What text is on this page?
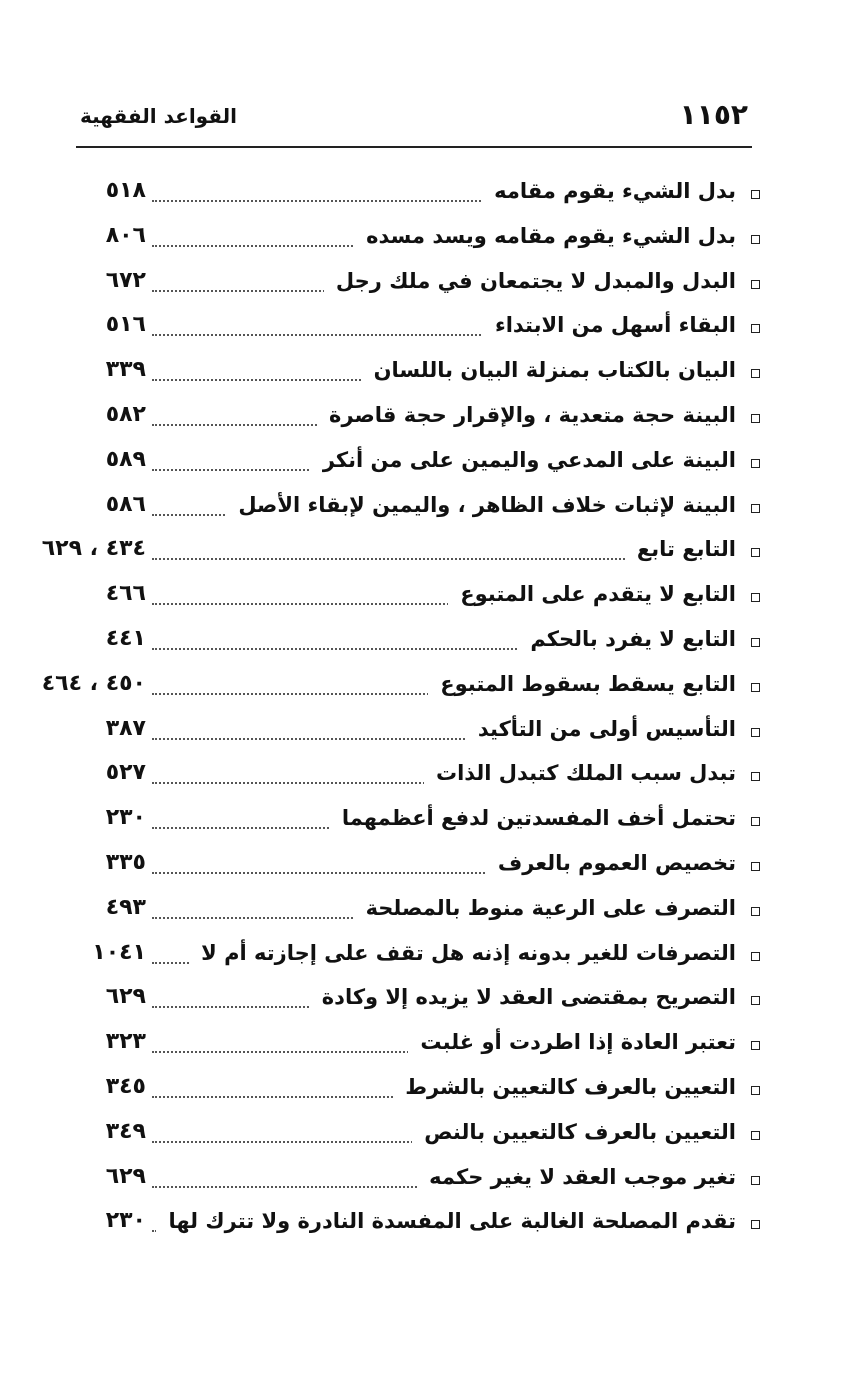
١١٥٢
القواعد الفقهية
بدل الشيء يقوم مقامه
٥١٨
بدل الشيء يقوم مقامه ويسد مسده
٨٠٦
البدل والمبدل لا يجتمعان في ملك رجل
٦٧٢
البقاء أسهل من الابتداء
٥١٦
البيان بالكتاب بمنزلة البيان باللسان
٣٣٩
البينة حجة متعدية ، والإقرار حجة قاصرة
٥٨٢
البينة على المدعي واليمين على من أنكر
٥٨٩
البينة لإثبات خلاف الظاهر ، واليمين لإبقاء الأصل
٥٨٦
التابع تابع
٤٣٤ ، ٦٢٩
التابع لا يتقدم على المتبوع
٤٦٦
التابع لا يفرد بالحكم
٤٤١
التابع يسقط بسقوط المتبوع
٤٥٠ ، ٤٦٤
التأسيس أولى من التأكيد
٣٨٧
تبدل سبب الملك كتبدل الذات
٥٢٧
تحتمل أخف المفسدتين لدفع أعظمهما
٢٣٠
تخصيص العموم بالعرف
٣٣٥
التصرف على الرعية منوط بالمصلحة
٤٩٣
التصرفات للغير بدونه إذنه هل تقف على إجازته أم لا
١٠٤١
التصريح بمقتضى العقد لا يزيده إلا وكادة
٦٢٩
تعتبر العادة إذا اطردت أو غلبت
٣٢٣
التعيين بالعرف كالتعيين بالشرط
٣٤٥
التعيين بالعرف كالتعيين بالنص
٣٤٩
تغير موجب العقد لا يغير حكمه
٦٢٩
تقدم المصلحة الغالبة على المفسدة النادرة ولا تترك لها
٢٣٠
